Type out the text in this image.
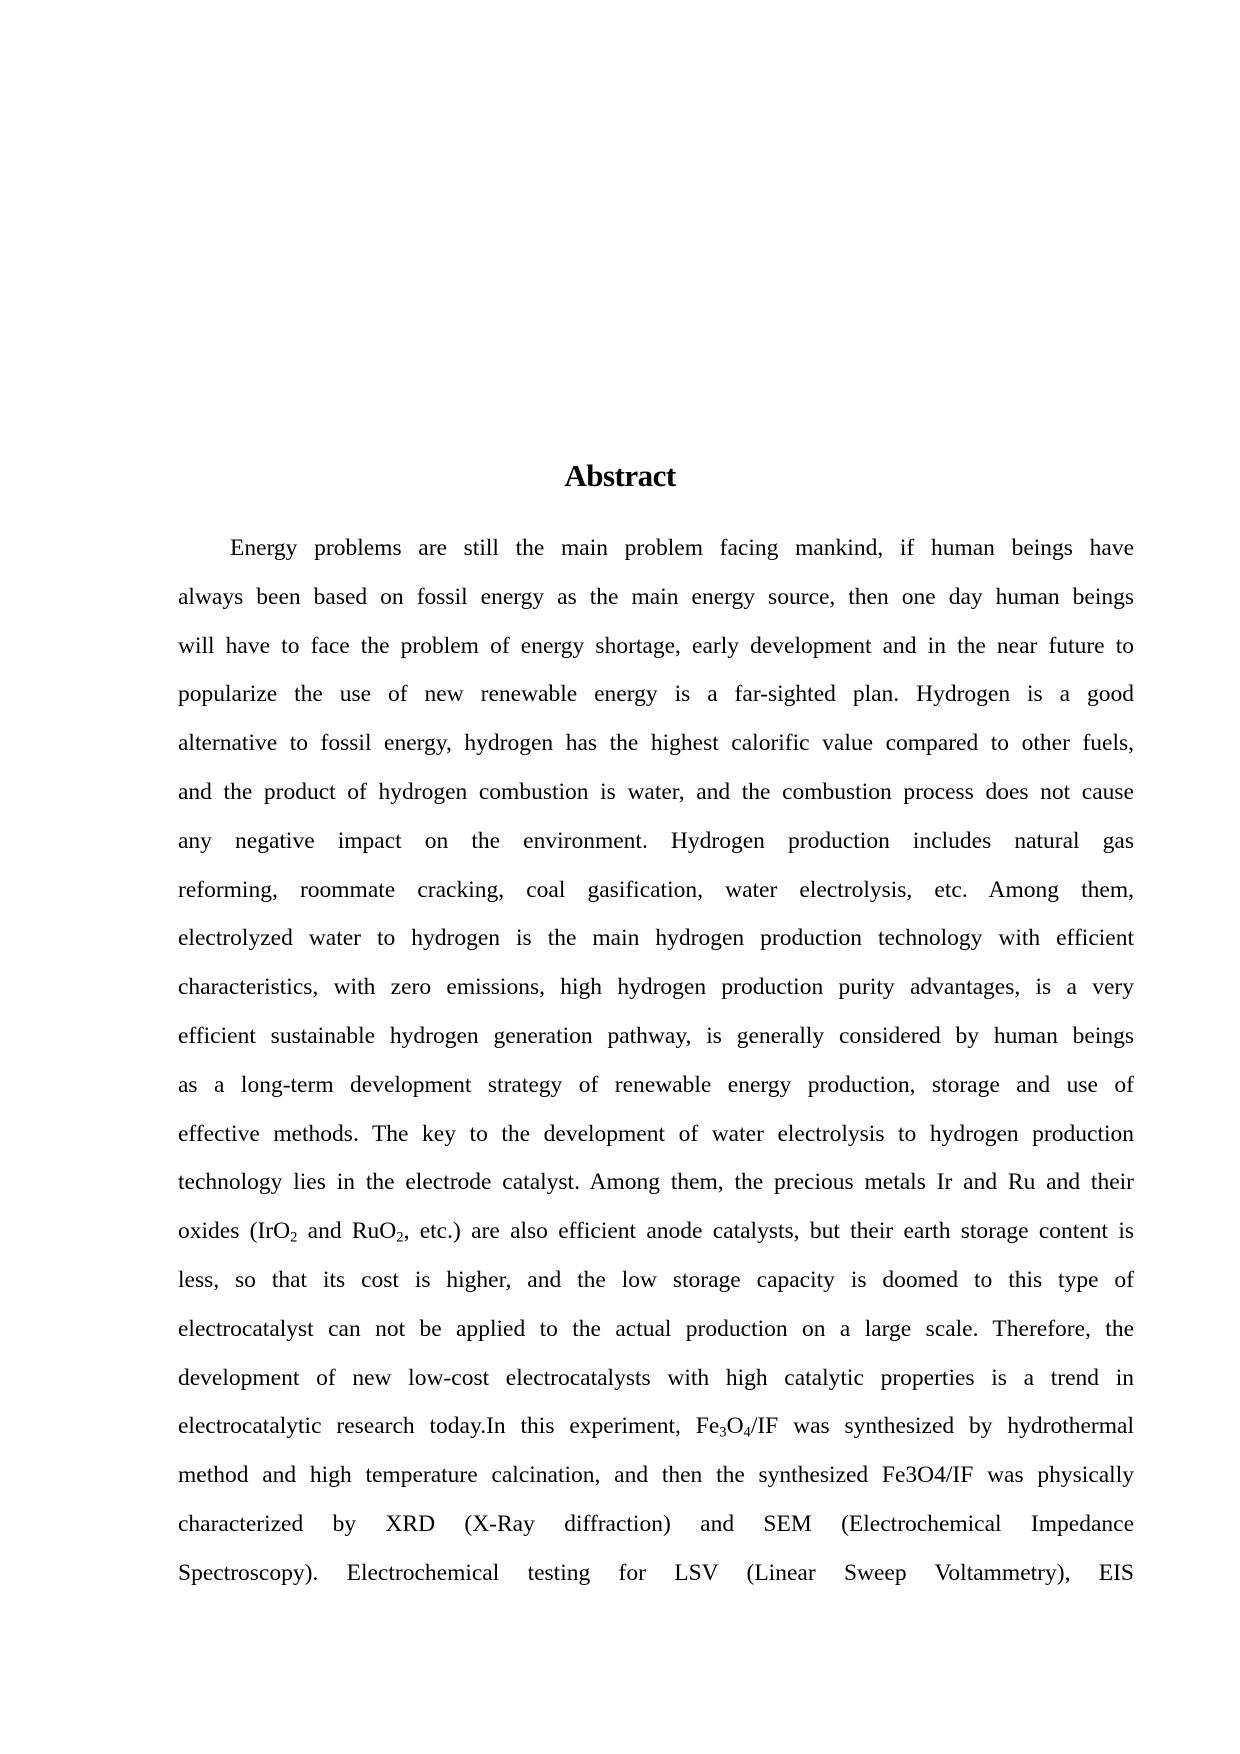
Abstract
Energy problems are still the main problem facing mankind, if human beings have
always been based on fossil energy as the main energy source, then one day human beings
will have to face the problem of energy shortage, early development and in the near future to
popularize the use of new renewable energy is a far-sighted plan. Hydrogen is a good
alternative to fossil energy, hydrogen has the highest calorific value compared to other fuels,
and the product of hydrogen combustion is water, and the combustion process does not cause
any negative impact on the environment. Hydrogen production includes natural gas
reforming, roommate cracking, coal gasification, water electrolysis, etc. Among them,
electrolyzed water to hydrogen is the main hydrogen production technology with efficient
characteristics, with zero emissions, high hydrogen production purity advantages, is a very
efficient sustainable hydrogen generation pathway, is generally considered by human beings
as a long-term development strategy of renewable energy production, storage and use of
effective methods. The key to the development of water electrolysis to hydrogen production
technology lies in the electrode catalyst. Among them, the precious metals Ir and Ru and their
oxides (IrO$_2$ and RuO$_2$, etc.) are also efficient anode catalysts, but their earth storage content is
less, so that its cost is higher, and the low storage capacity is doomed to this type of
electrocatalyst can not be applied to the actual production on a large scale. Therefore, the
development of new low-cost electrocatalysts with high catalytic properties is a trend in
electrocatalytic research today.In this experiment, $Fe_3O_4/IF$ was synthesized by hydrothermal
method and high temperature calcination, and then the synthesized Fe3O4/IF was physically
characterized by XRD (X-Ray diffraction) and SEM (Electrochemical Impedance
Spectroscopy). Electrochemical testing for LSV (Linear Sweep Voltammetry), EIS
